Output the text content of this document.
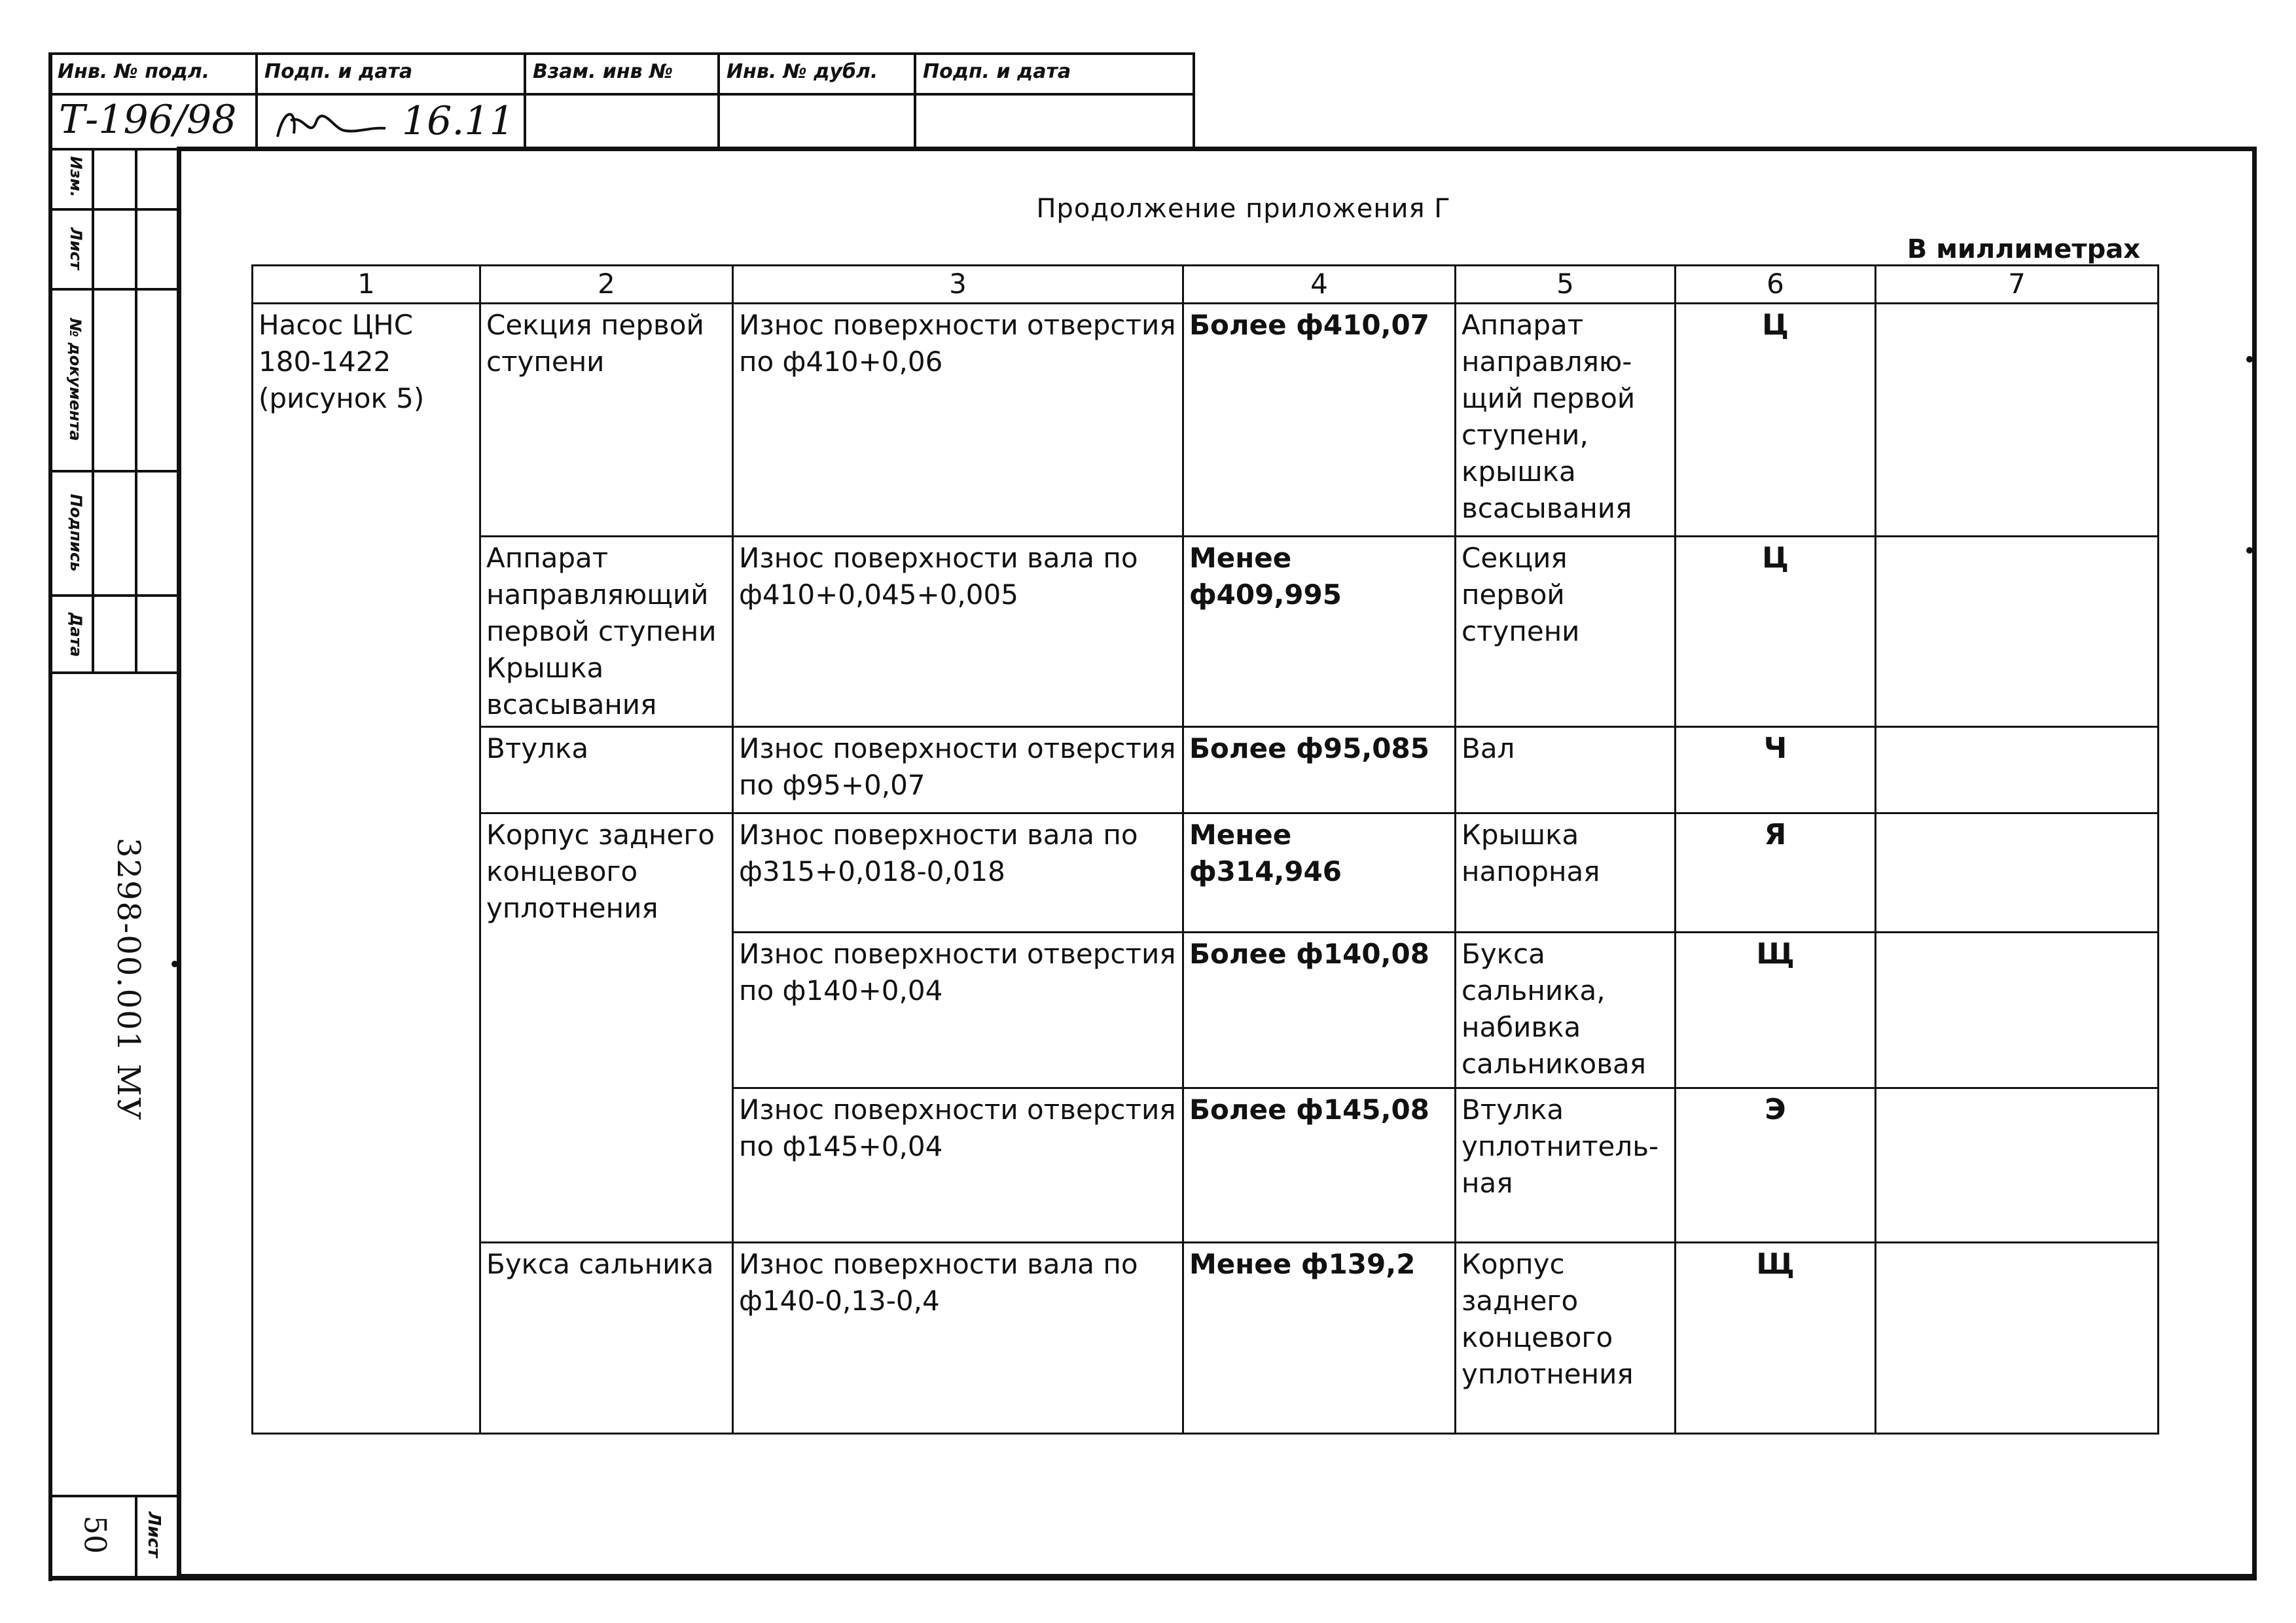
Инв. № подл.	Подп. и дата	Взам. инв №	Инв. № дубл.	Подп. и дата
Т-196/98	16.11
Изм.
Лист
№ документа
Подпись
Дата
3298-00.001 МУ
50 Лист
Продолжение приложения Г
В миллиметрах
1	2	3	4	5	6	7
Насос ЦНС 180-1422 (рисунок 5)	Секция первой ступени	Износ поверхности отверстия по ф410+0,06	Более ф410,07	Аппарат направляю-щий первой ступени, крышка всасывания	Ц	
	Аппарат направляющий первой ступени Крышка всасывания	Износ поверхности вала по ф410+0,045+0,005	Менее ф409,995	Секция первой ступени	Ц	
	Втулка	Износ поверхности отверстия по ф95+0,07	Более ф95,085	Вал	Ч	
	Корпус заднего концевого уплотнения	Износ поверхности вала по ф315+0,018-0,018	Менее ф314,946	Крышка напорная	Я	
		Износ поверхности отверстия по ф140+0,04	Более ф140,08	Букса сальника, набивка сальниковая	Щ	
		Износ поверхности отверстия по ф145+0,04	Более ф145,08	Втулка уплотнитель-ная	Э	
	Букса сальника	Износ поверхности вала по ф140-0,13-0,4	Менее ф139,2	Корпус заднего концевого уплотнения	Щ	
